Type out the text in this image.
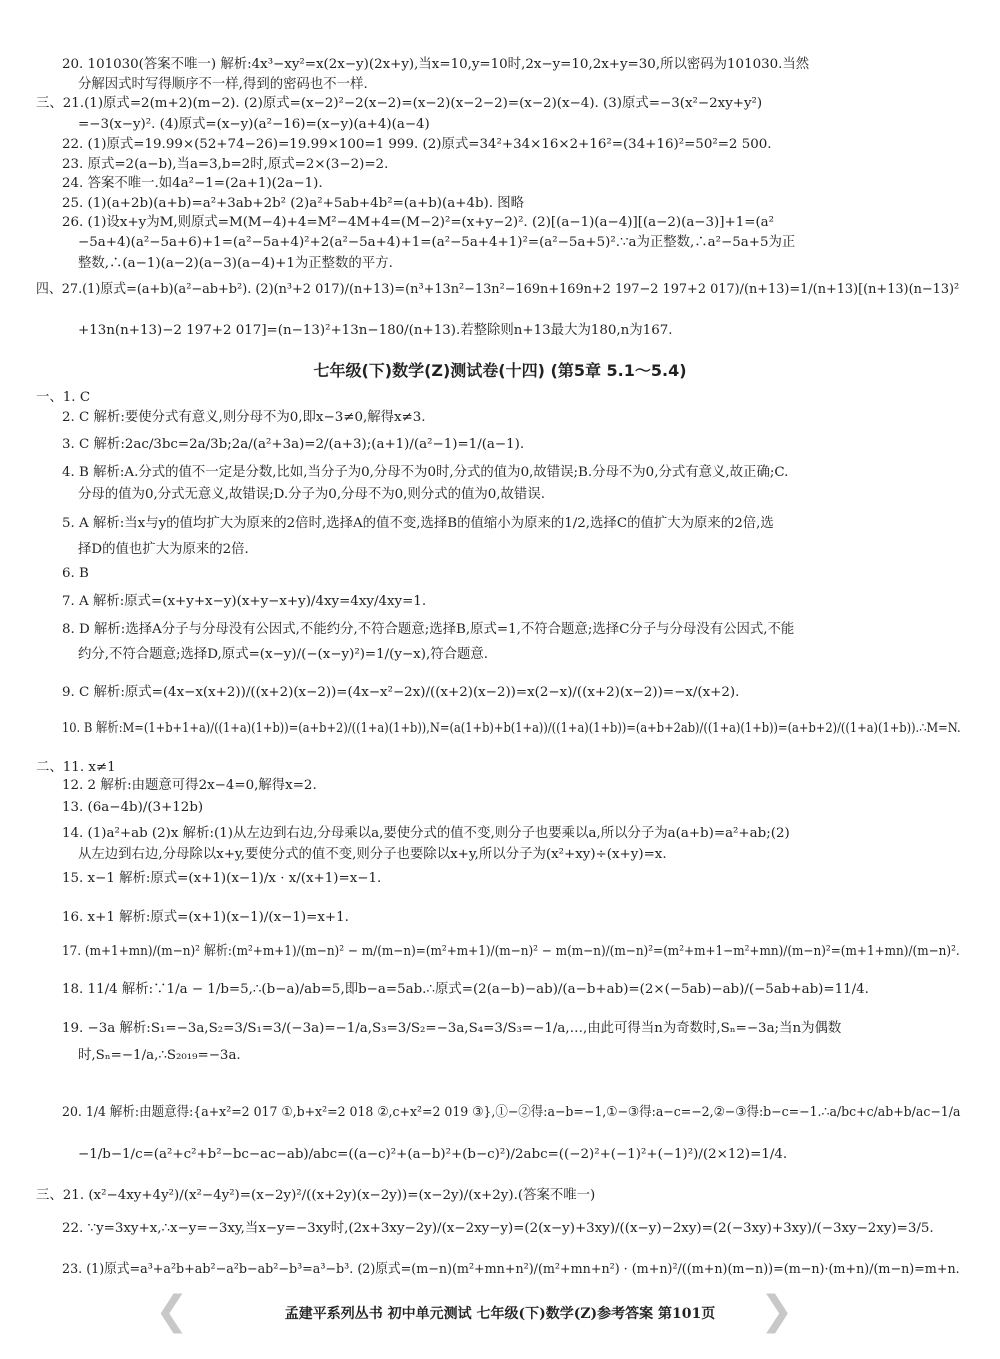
20. 101030(答案不唯一) 解析:4x³−xy²=x(2x−y)(2x+y),当x=10,y=10时,2x−y=10,2x+y=30,所以密码为101030.当然
分解因式时写得顺序不一样,得到的密码也不一样.
三、21.(1)原式=2(m+2)(m−2). (2)原式=(x−2)²−2(x−2)=(x−2)(x−2−2)=(x−2)(x−4). (3)原式=−3(x²−2xy+y²)
=−3(x−y)². (4)原式=(x−y)(a²−16)=(x−y)(a+4)(a−4)
22. (1)原式=19.99×(52+74−26)=19.99×100=1 999. (2)原式=34²+34×16×2+16²=(34+16)²=50²=2 500.
23. 原式=2(a−b),当a=3,b=2时,原式=2×(3−2)=2.
24. 答案不唯一.如4a²−1=(2a+1)(2a−1).
25. (1)(a+2b)(a+b)=a²+3ab+2b² (2)a²+5ab+4b²=(a+b)(a+4b). 图略
26. (1)设x+y为M,则原式=M(M−4)+4=M²−4M+4=(M−2)²=(x+y−2)². (2)[(a−1)(a−4)][(a−2)(a−3)]+1=(a²
−5a+4)(a²−5a+6)+1=(a²−5a+4)²+2(a²−5a+4)+1=(a²−5a+4+1)²=(a²−5a+5)².∵a为正整数,∴a²−5a+5为正
整数,∴(a−1)(a−2)(a−3)(a−4)+1为正整数的平方.
四、27.(1)原式=(a+b)(a²−ab+b²). (2)(n³+2 017)/(n+13)=(n³+13n²−13n²−169n+169n+2 197−2 197+2 017)/(n+13)=1/(n+13)[(n+13)(n−13)²
+13n(n+13)−2 197+2 017]=(n−13)²+13n−180/(n+13).若整除则n+13最大为180,n为167.
七年级(下)数学(Z)测试卷(十四) (第5章 5.1～5.4)
一、1. C
2. C 解析:要使分式有意义,则分母不为0,即x−3≠0,解得x≠3.
3. C 解析:2ac/3bc=2a/3b;2a/(a²+3a)=2/(a+3);(a+1)/(a²−1)=1/(a−1).
4. B 解析:A.分式的值不一定是分数,比如,当分子为0,分母不为0时,分式的值为0,故错误;B.分母不为0,分式有意义,故正确;C.
分母的值为0,分式无意义,故错误;D.分子为0,分母不为0,则分式的值为0,故错误.
5. A 解析:当x与y的值均扩大为原来的2倍时,选择A的值不变,选择B的值缩小为原来的1/2,选择C的值扩大为原来的2倍,选
择D的值也扩大为原来的2倍.
6. B
7. A 解析:原式=(x+y+x−y)(x+y−x+y)/4xy=4xy/4xy=1.
8. D 解析:选择A分子与分母没有公因式,不能约分,不符合题意;选择B,原式=1,不符合题意;选择C分子与分母没有公因式,不能
约分,不符合题意;选择D,原式=(x−y)/(−(x−y)²)=1/(y−x),符合题意.
9. C 解析:原式=(4x−x(x+2))/((x+2)(x−2))=(4x−x²−2x)/((x+2)(x−2))=x(2−x)/((x+2)(x−2))=−x/(x+2).
10. B 解析:M=(1+b+1+a)/((1+a)(1+b))=(a+b+2)/((1+a)(1+b)),N=(a(1+b)+b(1+a))/((1+a)(1+b))=(a+b+2ab)/((1+a)(1+b))=(a+b+2)/((1+a)(1+b)).∴M=N.
二、11. x≠1
12. 2 解析:由题意可得2x−4=0,解得x=2.
13. (6a−4b)/(3+12b)
14. (1)a²+ab (2)x 解析:(1)从左边到右边,分母乘以a,要使分式的值不变,则分子也要乘以a,所以分子为a(a+b)=a²+ab;(2)
从左边到右边,分母除以x+y,要使分式的值不变,则分子也要除以x+y,所以分子为(x²+xy)÷(x+y)=x.
15. x−1 解析:原式=(x+1)(x−1)/x · x/(x+1)=x−1.
16. x+1 解析:原式=(x+1)(x−1)/(x−1)=x+1.
17. (m+1+mn)/(m−n)² 解析:(m²+m+1)/(m−n)² − m/(m−n)=(m²+m+1)/(m−n)² − m(m−n)/(m−n)²=(m²+m+1−m²+mn)/(m−n)²=(m+1+mn)/(m−n)².
18. 11/4 解析:∵1/a − 1/b=5,∴(b−a)/ab=5,即b−a=5ab.∴原式=(2(a−b)−ab)/(a−b+ab)=(2×(−5ab)−ab)/(−5ab+ab)=11/4.
19. −3a 解析:S₁=−3a,S₂=3/S₁=3/(−3a)=−1/a,S₃=3/S₂=−3a,S₄=3/S₃=−1/a,…,由此可得当n为奇数时,Sₙ=−3a;当n为偶数
时,Sₙ=−1/a,∴S₂₀₁₉=−3a.
20. 1/4 解析:由题意得:{a+x²=2 017 ①,b+x²=2 018 ②,c+x²=2 019 ③},①−②得:a−b=−1,①−③得:a−c=−2,②−③得:b−c=−1.∴a/bc+c/ab+b/ac−1/a
−1/b−1/c=(a²+c²+b²−bc−ac−ab)/abc=((a−c)²+(a−b)²+(b−c)²)/2abc=((−2)²+(−1)²+(−1)²)/(2×12)=1/4.
三、21. (x²−4xy+4y²)/(x²−4y²)=(x−2y)²/((x+2y)(x−2y))=(x−2y)/(x+2y).(答案不唯一)
22. ∵y=3xy+x,∴x−y=−3xy,当x−y=−3xy时,(2x+3xy−2y)/(x−2xy−y)=(2(x−y)+3xy)/((x−y)−2xy)=(2(−3xy)+3xy)/(−3xy−2xy)=3/5.
23. (1)原式=a³+a²b+ab²−a²b−ab²−b³=a³−b³. (2)原式=(m−n)(m²+mn+n²)/(m²+mn+n²) · (m+n)²/((m+n)(m−n))=(m−n)·(m+n)/(m−n)=m+n.
❮	孟建平系列丛书 初中单元测试 七年级(下)数学(Z)参考答案 第101页	❯
